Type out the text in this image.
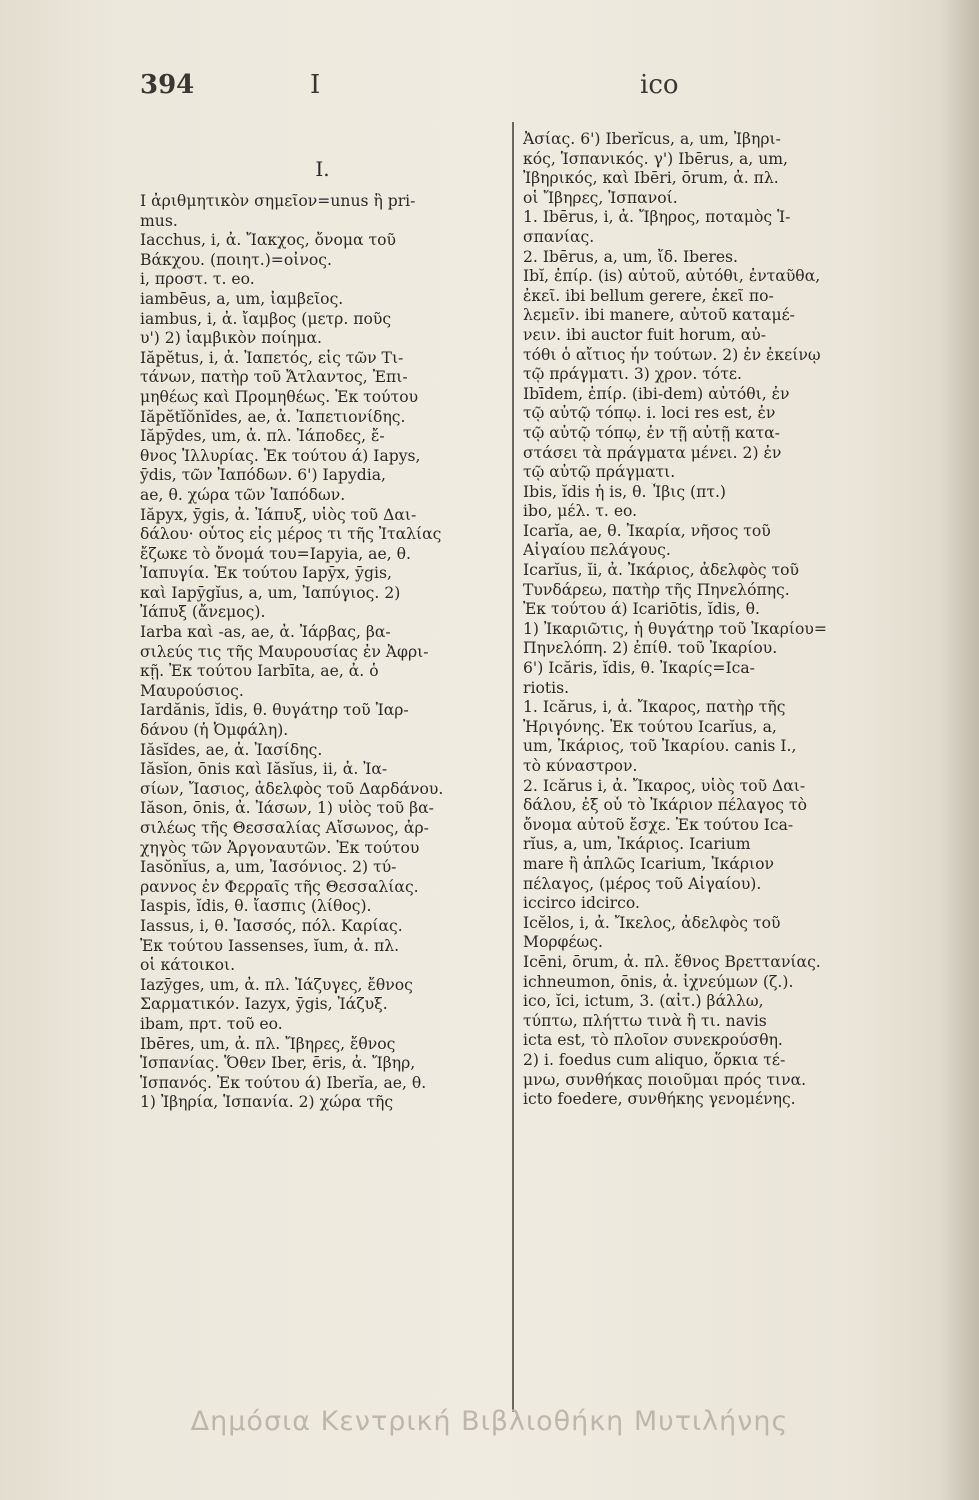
394	I	ico
I.
I ἀριθμητικὸν σημεῖον=unus ἢ pri-
mus.
Iacchus, i, ἀ. Ἴακχος, ὄνομα τοῦ
Βάκχου. (ποιητ.)=οἶνος.
i, προστ. τ. eo.
iambēus, a, um, ἰαμβεῖος.
iambus, i, ἀ. ἴαμβος (μετρ. ποῦς
υ') 2) ἰαμβικὸν ποίημα.
Iăpĕtus, i, ἀ. Ἰαπετός, εἷς τῶν Τι-
τάνων, πατὴρ τοῦ Ἄτλαντος, Ἐπι-
μηθέως καὶ Προμηθέως. Ἐκ τούτου
Iăpĕtĭŏnĭdes, ae, ἀ. Ἰαπετιονίδης.
Iăpȳdes, um, ἀ. πλ. Ἰάποδες, ἔ-
θνος Ἰλλυρίας. Ἐκ τούτου ά) Iapys,
ȳdis, τῶν Ἰαπόδων. 6') Iapydia,
ae, θ. χώρα τῶν Ἰαπόδων.
Iăpyx, ȳgis, ἀ. Ἰάπυξ, υἱὸς τοῦ Δαι-
δάλου· οὗτος εἰς μέρος τι τῆς Ἰταλίας
ἔζωκε τὸ ὄνομά του=Iapyia, ae, θ.
Ἰαπυγία. Ἐκ τούτου Iapȳx, ȳgis,
καὶ Iapȳgĭus, a, um, Ἰαπύγιος. 2)
Ἰάπυξ (ἄνεμος).
Iarba καὶ -as, ae, ἀ. Ἰάρβας, βα-
σιλεύς τις τῆς Μαυρουσίας ἐν Ἀφρι-
κῇ. Ἐκ τούτου Iarbīta, ae, ἀ. ὁ
Μαυρούσιος.
Iardănis, ĭdis, θ. θυγάτηρ τοῦ Ἰαρ-
δάνου (ἡ Ὀμφάλη).
Iăsĭdes, ae, ἀ. Ἰασίδης.
Iăsĭon, ōnis καὶ Iăsĭus, ii, ἀ. Ἰα-
σίων, Ἴασιος, ἀδελφὸς τοῦ Δαρδάνου.
Iăson, ōnis, ἀ. Ἰάσων, 1) υἱὸς τοῦ βα-
σιλέως τῆς Θεσσαλίας Αἴσωνος, ἀρ-
χηγὸς τῶν Ἀργοναυτῶν. Ἐκ τούτου
Iasŏnĭus, a, um, Ἰασόνιος. 2) τύ-
ραννος ἐν Φερραῖς τῆς Θεσσαλίας.
Iaspis, ĭdis, θ. ἴασπις (λίθος).
Iassus, i, θ. Ἰασσός, πόλ. Καρίας.
Ἐκ τούτου Iassenses, ĭum, ἀ. πλ.
οἱ κάτοικοι.
Iazȳges, um, ἀ. πλ. Ἰάζυγες, ἔθνος
Σαρματικόν. Iazyx, ȳgis, Ἰάζυξ.
ibam, πρτ. τοῦ eo.
Ibēres, um, ἀ. πλ. Ἴβηρες, ἔθνος
Ἱσπανίας. Ὅθεν Iber, ēris, ἀ. Ἴβηρ,
Ἱσπανός. Ἐκ τούτου ά) Iberĭa, ae, θ.
1) Ἰβηρία, Ἱσπανία. 2) χώρα τῆς
Ἀσίας. 6') Iberĭcus, a, um, Ἰβηρι-
κός, Ἱσπανικός. γ') Ibērus, a, um,
Ἰβηρικός, καὶ Ibēri, ōrum, ἀ. πλ.
οἱ Ἴβηρες, Ἱσπανοί.
1. Ibērus, i, ἀ. Ἴβηρος, ποταμὸς Ἱ-
σπανίας.
2. Ibērus, a, um, ἴδ. Iberes.
Ibĭ, ἐπίρ. (is) αὐτοῦ, αὐτόθι, ἐνταῦθα,
ἐκεῖ. ibi bellum gerere, ἐκεῖ πο-
λεμεῖν. ibi manere, αὐτοῦ καταμέ-
νειν. ibi auctor fuit horum, αὐ-
τόθι ὁ αἴτιος ἦν τούτων. 2) ἐν ἐκείνῳ
τῷ πράγματι. 3) χρον. τότε.
Ibīdem, ἐπίρ. (ibi-dem) αὐτόθι, ἐν
τῷ αὐτῷ τόπῳ. i. loci res est, ἐν
τῷ αὐτῷ τόπῳ, ἐν τῇ αὐτῇ κατα-
στάσει τὰ πράγματα μένει. 2) ἐν
τῷ αὐτῷ πράγματι.
Ibis, ĭdis ἡ is, θ. Ἶβις (πτ.)
ibo, μέλ. τ. eo.
Icarĭa, ae, θ. Ἰκαρία, νῆσος τοῦ
Αἰγαίου πελάγους.
Icarĭus, ĭi, ἀ. Ἰκάριος, ἀδελφὸς τοῦ
Τυνδάρεω, πατὴρ τῆς Πηνελόπης.
Ἐκ τούτου ά) Icariōtis, ĭdis, θ.
1) Ἰκαριῶτις, ἡ θυγάτηρ τοῦ Ἰκαρίου=
Πηνελόπη. 2) ἐπίθ. τοῦ Ἰκαρίου.
6') Icăris, ĭdis, θ. Ἰκαρίς=Ica-
riotis.
1. Icărus, i, ἀ. Ἴκαρος, πατὴρ τῆς
Ἠριγόνης. Ἐκ τούτου Icarĭus, a,
um, Ἰκάριος, τοῦ Ἰκαρίου. canis I.,
τὸ κύναστρον.
2. Icărus i, ἀ. Ἴκαρος, υἱὸς τοῦ Δαι-
δάλου, ἐξ οὗ τὸ Ἰκάριον πέλαγος τὸ
ὄνομα αὐτοῦ ἔσχε. Ἐκ τούτου Ica-
rĭus, a, um, Ἰκάριος. Icarium
mare ἢ ἁπλῶς Icarium, Ἰκάριον
πέλαγος, (μέρος τοῦ Αἰγαίου).
iccirco idcirco.
Icĕlos, i, ἀ. Ἴκελος, ἀδελφὸς τοῦ
Μορφέως.
Icēni, ōrum, ἀ. πλ. ἔθνος Βρεττανίας.
ichneumon, ōnis, ἀ. ἰχνεύμων (ζ.).
ico, ĭci, ictum, 3. (αἰτ.) βάλλω,
τύπτω, πλήττω τινὰ ἢ τι. navis
icta est, τὸ πλοῖον συνεκρούσθη.
2) i. foedus cum aliquo, ὅρκια τέ-
μνω, συνθήκας ποιοῦμαι πρός τινα.
icto foedere, συνθήκης γενομένης.
Δημόσια Κεντρική Βιβλιοθήκη Μυτιλήνης
